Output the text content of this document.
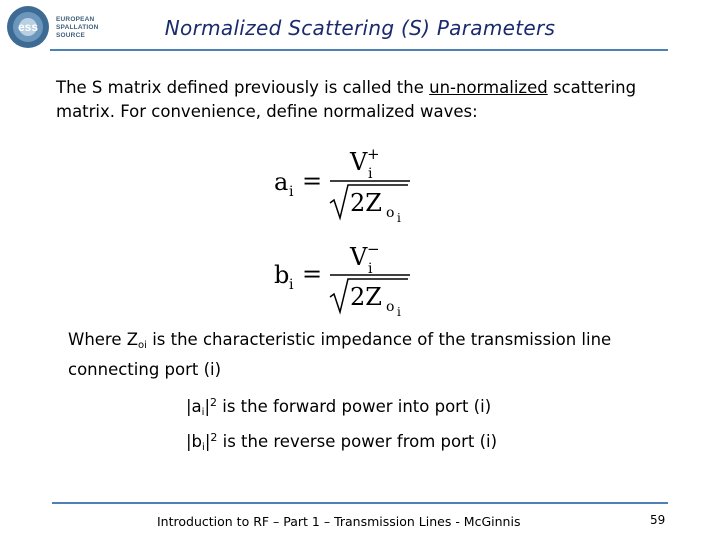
ess
EUROPEAN
SPALLATION
SOURCE	Normalized Scattering (S) Parameters
The S matrix defined previously is called the un-normalized scattering matrix. For convenience, define normalized waves:
a i =
V i
+
2Z o i
b i =
V i
−
2Z o i
Where $Z_{oi}$ is the characteristic impedance of the transmission line connecting port (i)
$|a_i|^2$ is the forward power into port (i)
$|b_i|^2$ is the reverse power from port (i)
Introduction to RF – Part 1 – Transmission Lines - McGinnis	59
